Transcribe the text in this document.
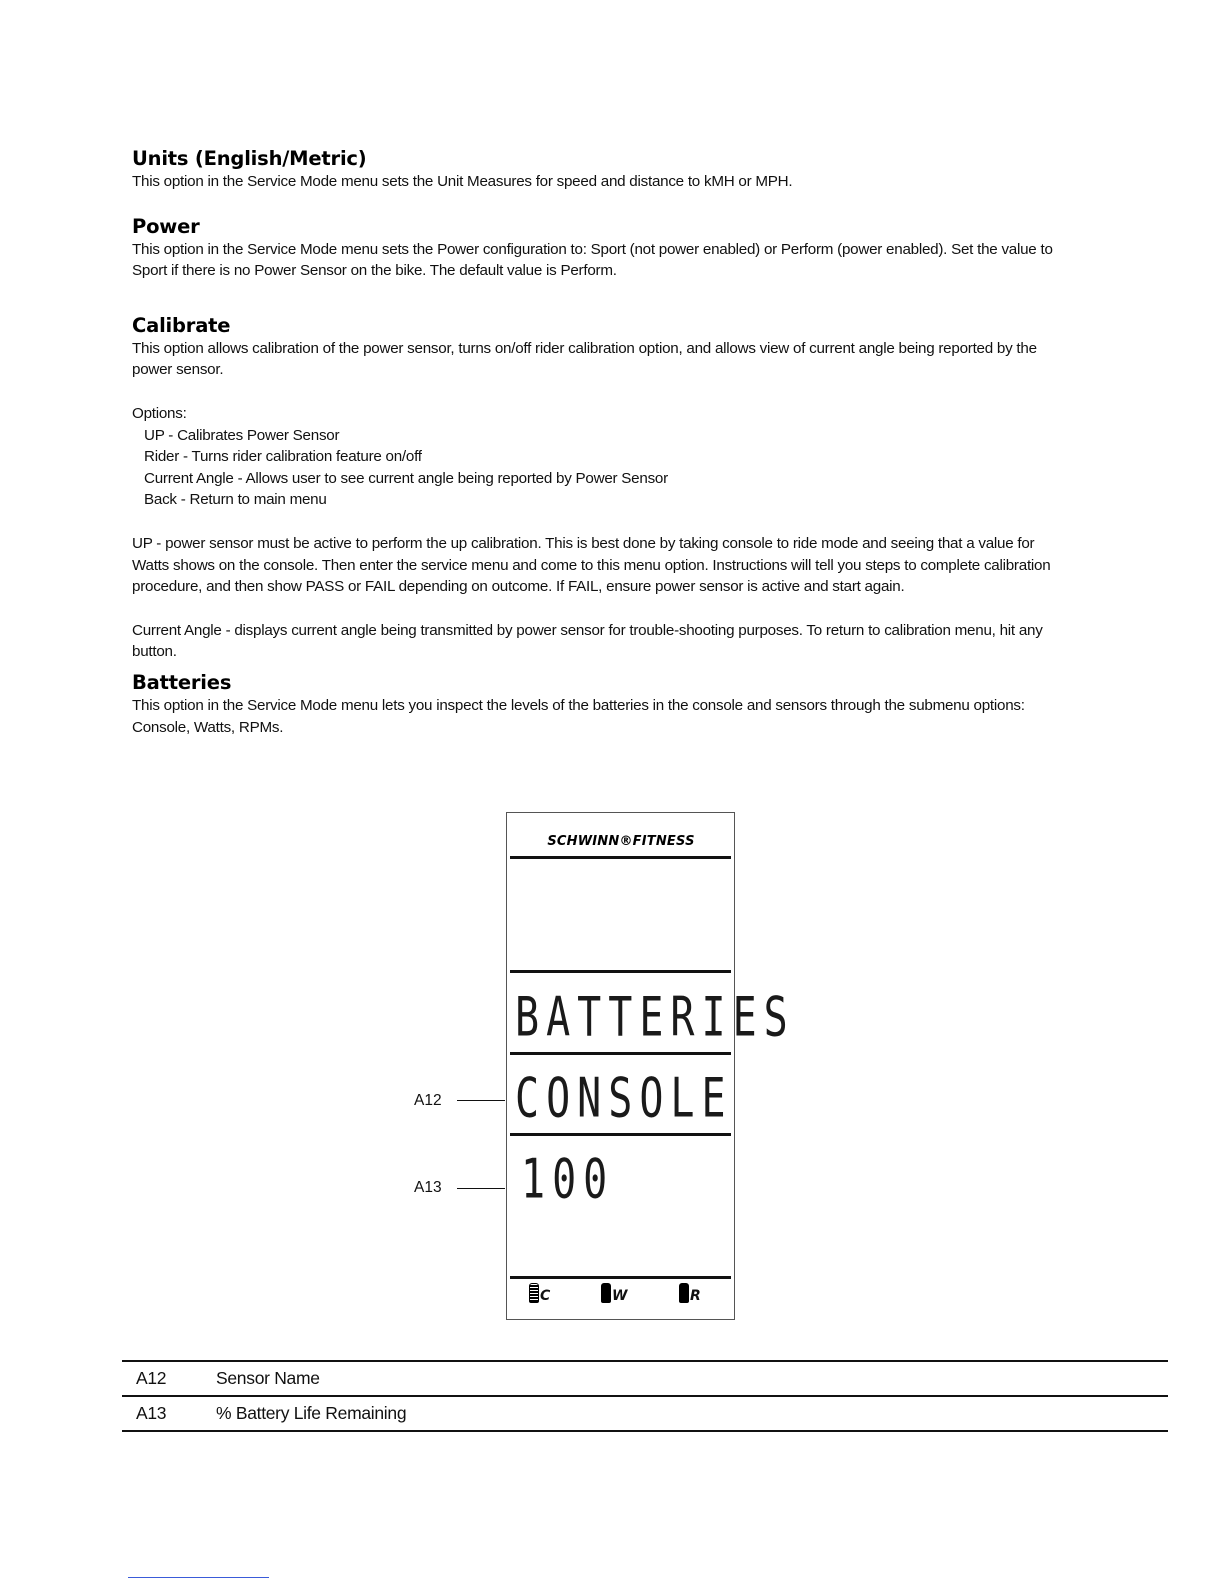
Units (English/Metric)

This option in the Service Mode menu sets the Unit Measures for speed and distance to kMH or MPH.

Power

This option in the Service Mode menu sets the Power configuration to: Sport (not power enabled) or Perform (power enabled). Set the value to

Sport if there is no Power Sensor on the bike. The default value is Perform.

Calibrate

This option allows calibration of the power sensor, turns on/off rider calibration option, and allows view of current angle being reported by the

power sensor.

Options:

UP - Calibrates Power Sensor

Rider - Turns rider calibration feature on/off

Current Angle - Allows user to see current angle being reported by Power Sensor

Back - Return to main menu

UP - power sensor must be active to perform the up calibration. This is best done by taking console to ride mode and seeing that a value for

Watts shows on the console. Then enter the service menu and come to this menu option. Instructions will tell you steps to complete calibration

procedure, and then show PASS or FAIL depending on outcome. If FAIL, ensure power sensor is active and start again.

Current Angle - displays current angle being transmitted by power sensor for trouble-shooting purposes. To return to calibration menu, hit any

button.

Batteries

This option in the Service Mode menu lets you inspect the levels of the batteries in the console and sensors through the submenu options:

Console, Watts, RPMs.

SCHWINN®FITNESS
BATTERIES
CONSOLE
100
C	W	R
A12
A13
A12	Sensor Name
A13	% Battery Life Remaining
